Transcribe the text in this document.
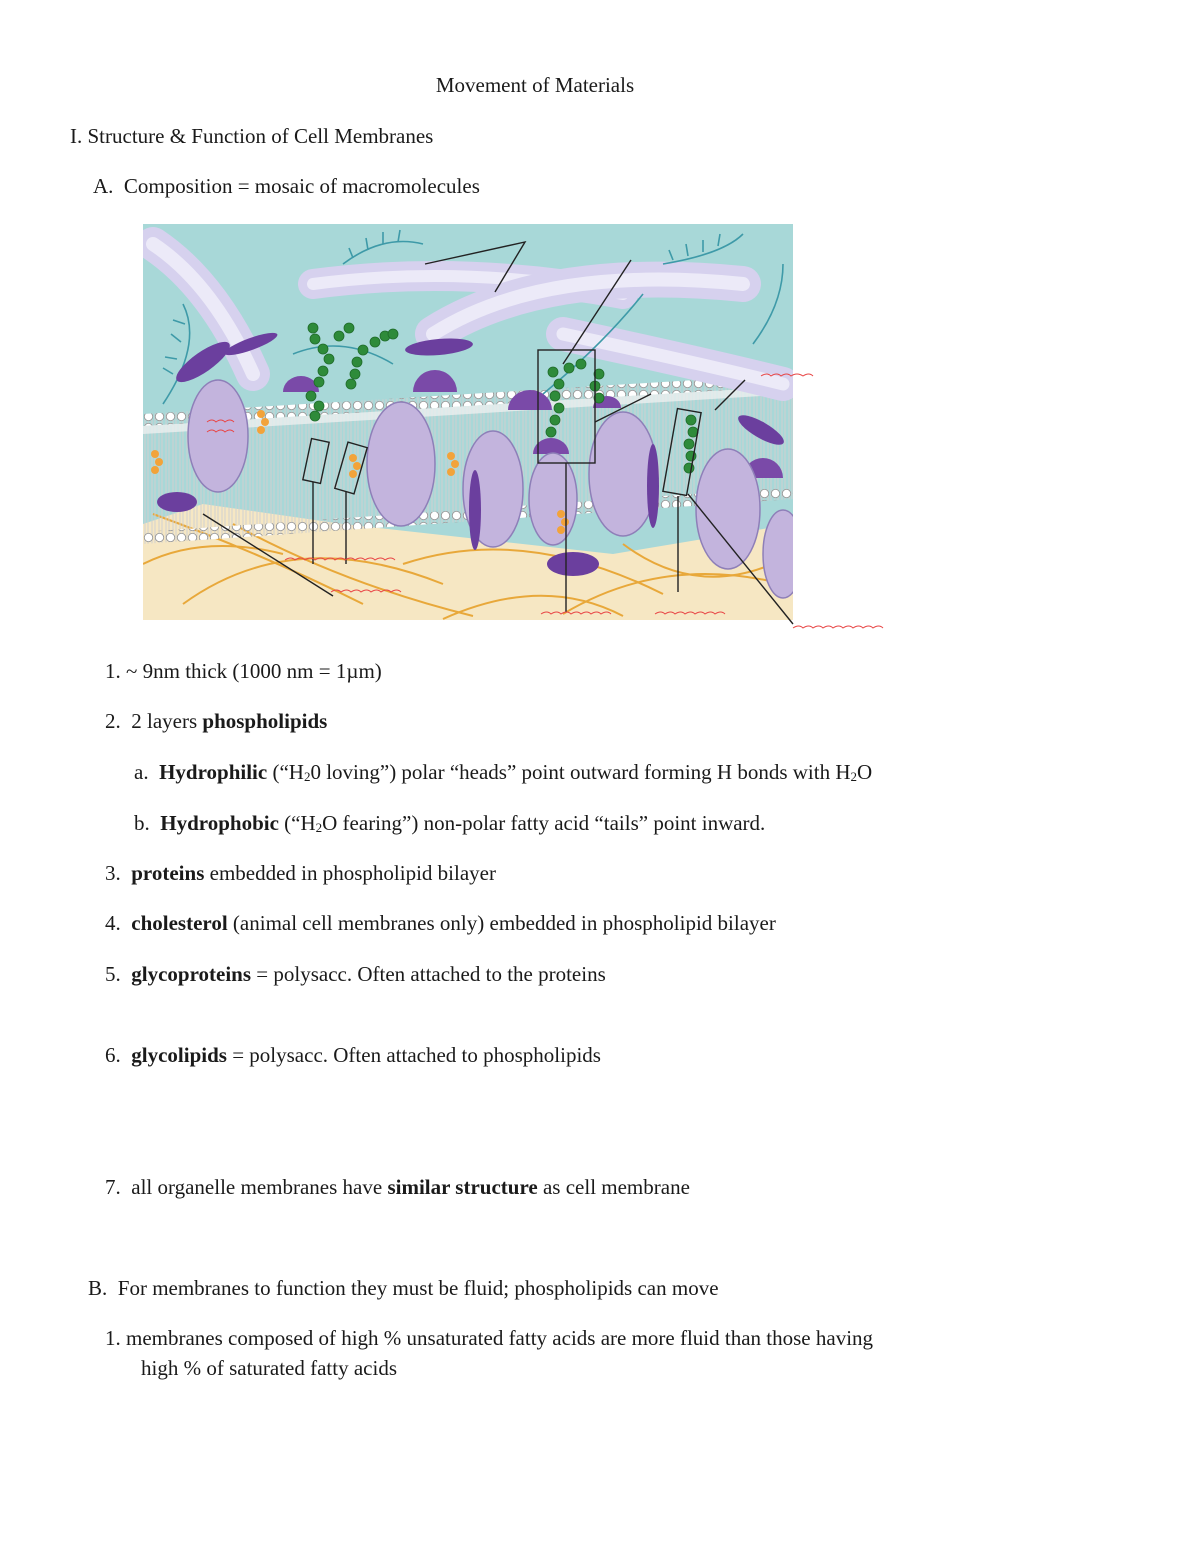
Movement of Materials
I. Structure & Function of Cell Membranes
A. Composition = mosaic of macromolecules
1. ~ 9nm thick (1000 nm = 1µm)
2. 2 layers phospholipids
a. Hydrophilic (“H20 loving”) polar “heads” point outward forming H bonds with H2O
b. Hydrophobic (“H2O fearing”) non-polar fatty acid “tails” point inward.
3. proteins embedded in phospholipid bilayer
4. cholesterol (animal cell membranes only) embedded in phospholipid bilayer
5. glycoproteins = polysacc. Often attached to the proteins
6. glycolipids = polysacc. Often attached to phospholipids
7. all organelle membranes have similar structure as cell membrane
B. For membranes to function they must be fluid; phospholipids can move
1. membranes composed of high % unsaturated fatty acids are more fluid than those having
high % of saturated fatty acids
